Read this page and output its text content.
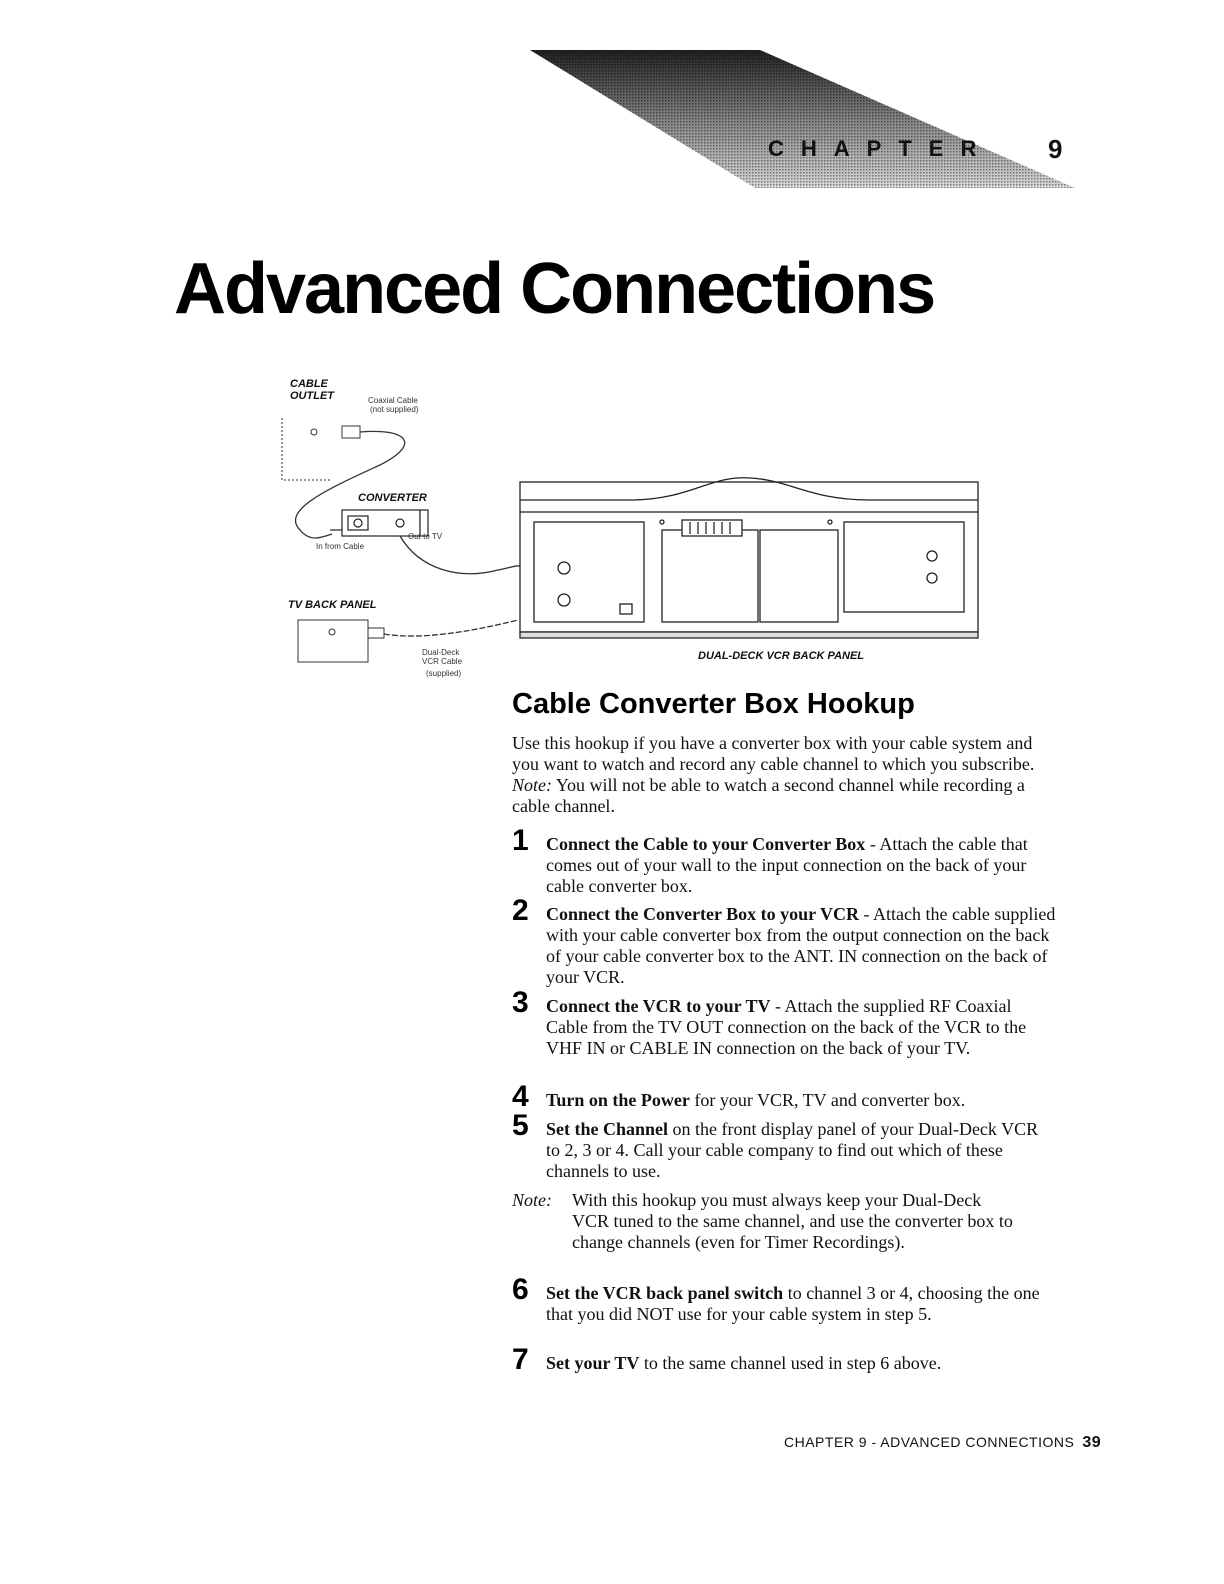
CHAPTER 9
Advanced Connections
CABLE OUTLET	Coaxial Cable
(not supplied)
CONVERTER
In from Cable
Out to TV
TV BACK PANEL
Dual-Deck VCR Cable
(supplied)
DUAL-DECK VCR BACK PANEL
Cable Converter Box Hookup

Use this hookup if you have a converter box with your cable system and you want to watch and record any cable channel to which you subscribe. Note: You will not be able to watch a second channel while recording a cable channel.

1 Connect the Cable to your Converter Box - Attach the cable that comes out of your wall to the input connection on the back of your cable converter box.

2 Connect the Converter Box to your VCR - Attach the cable supplied with your cable converter box from the output connection on the back of your cable converter box to the ANT. IN connection on the back of your VCR.

3 Connect the VCR to your TV - Attach the supplied RF Coaxial Cable from the TV OUT connection on the back of the VCR to the VHF IN or CABLE IN connection on the back of your TV.

4 Turn on the Power for your VCR, TV and converter box.

5 Set the Channel on the front display panel of your Dual-Deck VCR to 2, 3 or 4. Call your cable company to find out which of these channels to use.

Note: With this hookup you must always keep your Dual-Deck VCR tuned to the same channel, and use the converter box to change channels (even for Timer Recordings).

6 Set the VCR back panel switch to channel 3 or 4, choosing the one that you did NOT use for your cable system in step 5.

7 Set your TV to the same channel used in step 6 above.

CHAPTER 9 - ADVANCED CONNECTIONS 39
